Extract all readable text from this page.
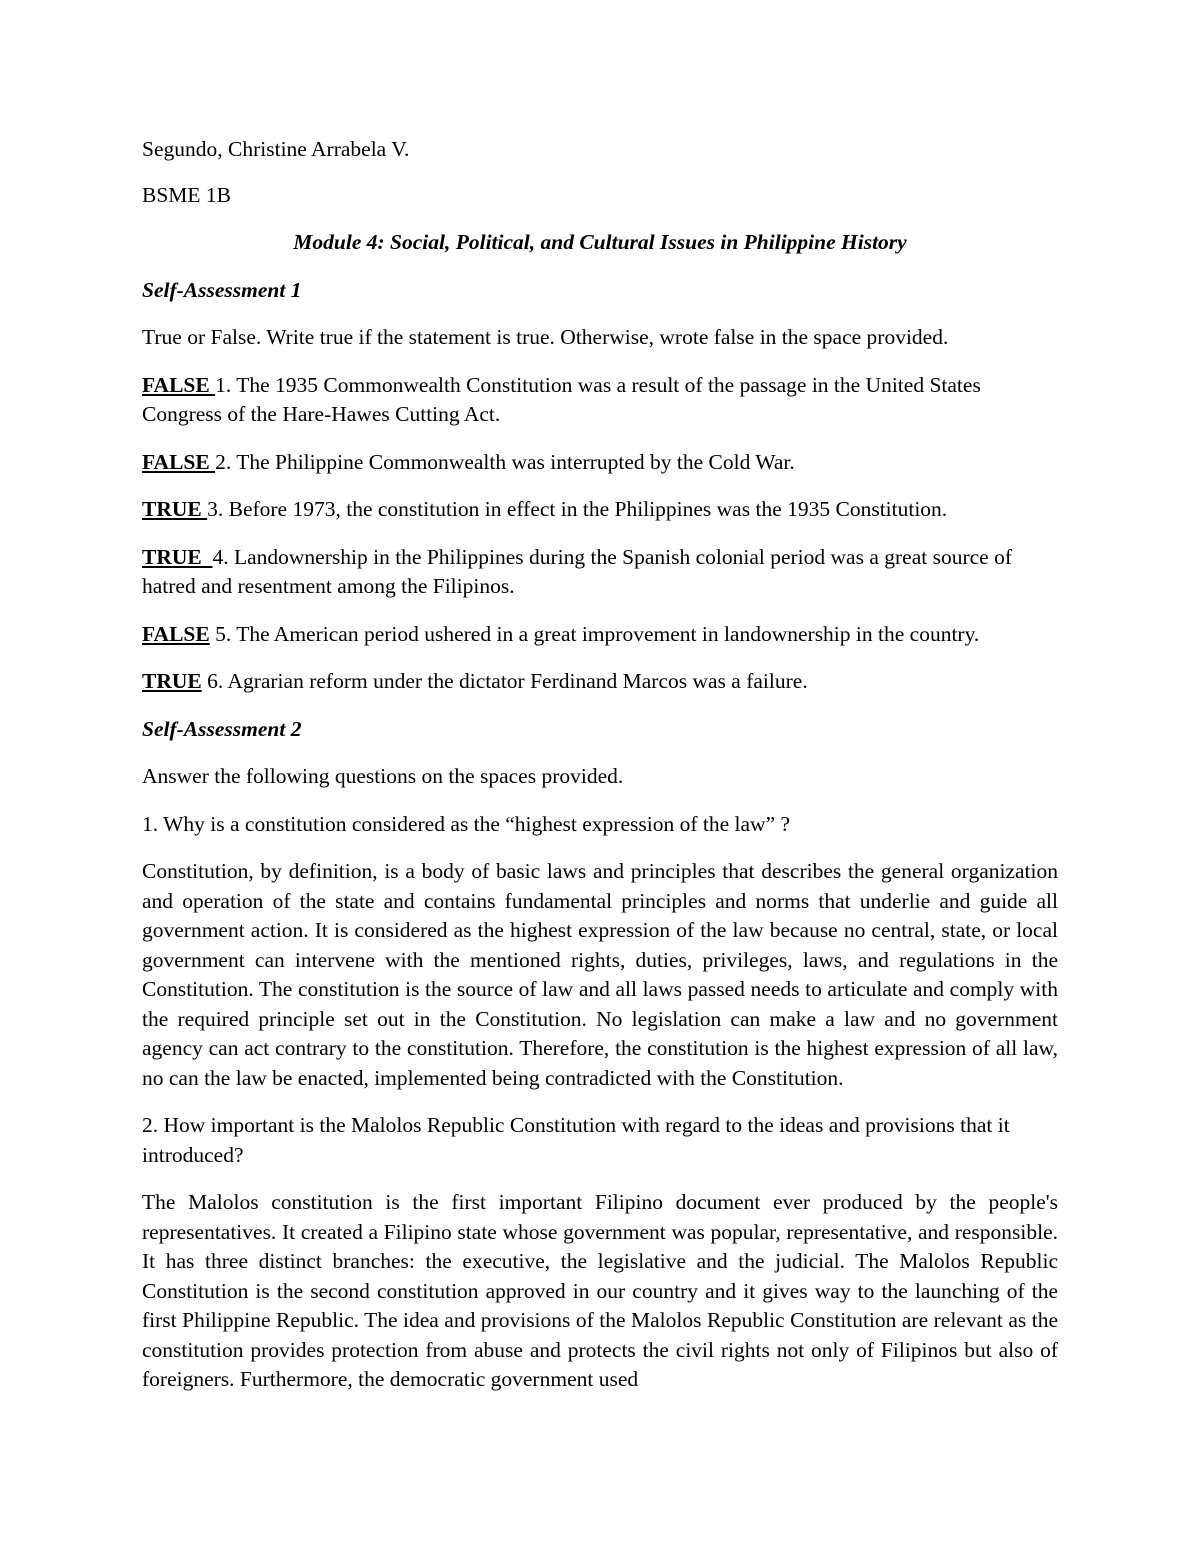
Segundo, Christine Arrabela V.

BSME 1B

Module 4: Social, Political, and Cultural Issues in Philippine History

Self-Assessment 1

True or False. Write true if the statement is true. Otherwise, wrote false in the space provided.

FALSE 1. The 1935 Commonwealth Constitution was a result of the passage in the United States Congress of the Hare-Hawes Cutting Act.

FALSE 2. The Philippine Commonwealth was interrupted by the Cold War.

TRUE 3. Before 1973, the constitution in effect in the Philippines was the 1935 Constitution.

TRUE  4. Landownership in the Philippines during the Spanish colonial period was a great source of hatred and resentment among the Filipinos.

FALSE 5. The American period ushered in a great improvement in landownership in the country.

TRUE 6. Agrarian reform under the dictator Ferdinand Marcos was a failure.

Self-Assessment 2

Answer the following questions on the spaces provided.

1. Why is a constitution considered as the “highest expression of the law” ?

Constitution, by definition, is a body of basic laws and principles that describes the general organization and operation of the state and contains fundamental principles and norms that underlie and guide all government action. It is considered as the highest expression of the law because no central, state, or local government can intervene with the mentioned rights, duties, privileges, laws, and regulations in the Constitution. The constitution is the source of law and all laws passed needs to articulate and comply with the required principle set out in the Constitution. No legislation can make a law and no government agency can act contrary to the constitution. Therefore, the constitution is the highest expression of all law, no can the law be enacted, implemented being contradicted with the Constitution.

2. How important is the Malolos Republic Constitution with regard to the ideas and provisions that it introduced?

The Malolos constitution is the first important Filipino document ever produced by the people's representatives. It created a Filipino state whose government was popular, representative, and responsible. It has three distinct branches: the executive, the legislative and the judicial. The Malolos Republic Constitution is the second constitution approved in our country and it gives way to the launching of the first Philippine Republic. The idea and provisions of the Malolos Republic Constitution are relevant as the constitution provides protection from abuse and protects the civil rights not only of Filipinos but also of foreigners. Furthermore, the democratic government used
